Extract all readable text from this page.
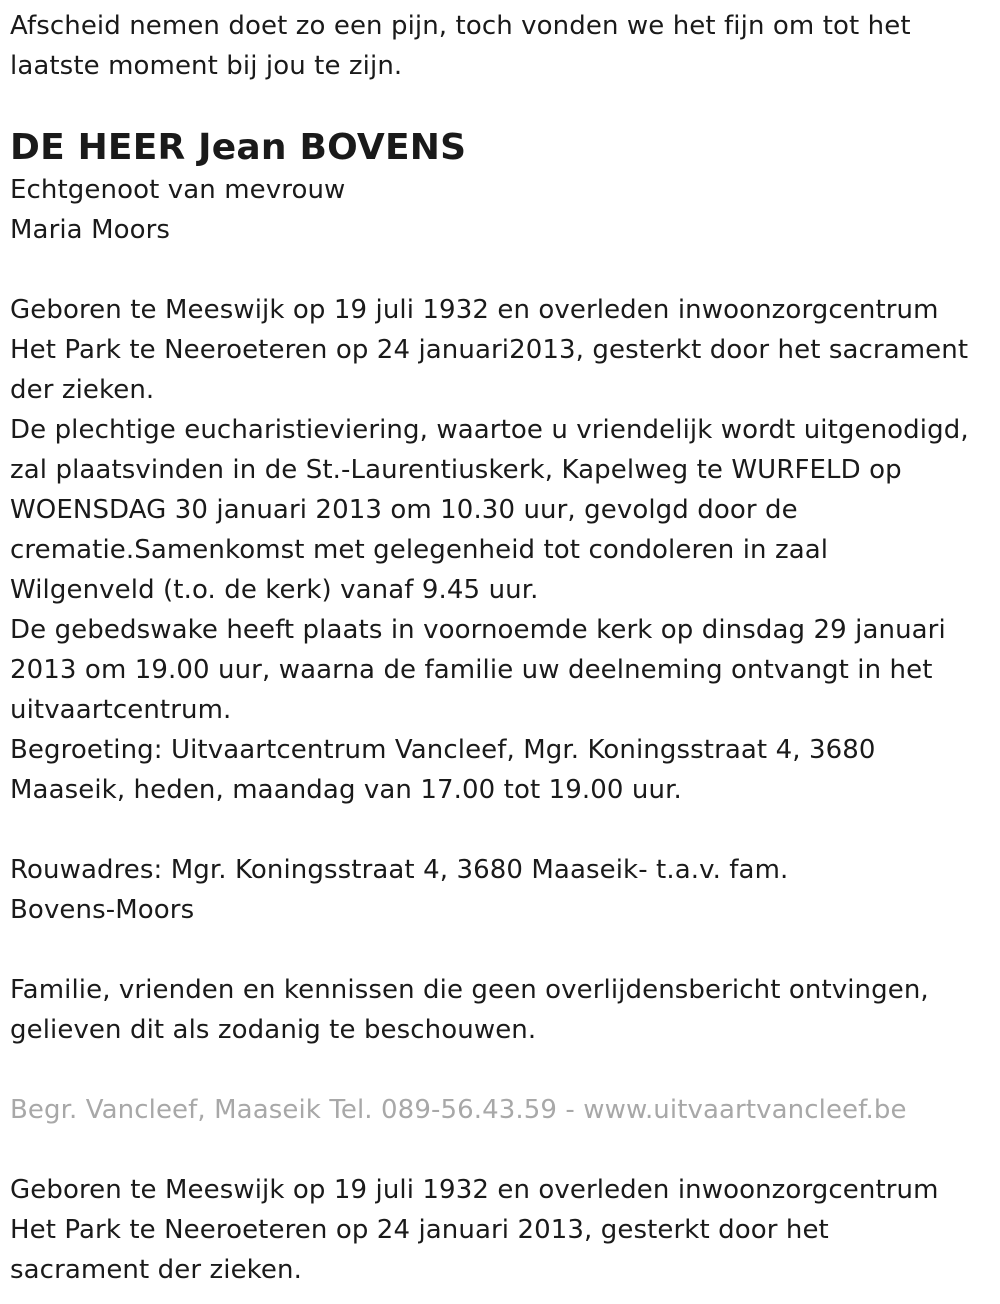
Afscheid nemen doet zo een pijn, toch vonden we het fijn om tot het
laatste moment bij jou te zijn.
DE HEER Jean BOVENS
Echtgenoot van mevrouw
Maria Moors
Geboren te Meeswijk op 19 juli 1932 en overleden inwoonzorgcentrum
Het Park te Neeroeteren op 24 januari2013, gesterkt door het sacrament
der zieken.
De plechtige eucharistieviering, waartoe u vriendelijk wordt uitgenodigd,
zal plaatsvinden in de St.-Laurentiuskerk, Kapelweg te WURFELD op
WOENSDAG 30 januari 2013 om 10.30 uur, gevolgd door de
crematie.Samenkomst met gelegenheid tot condoleren in zaal
Wilgenveld (t.o. de kerk) vanaf 9.45 uur.
De gebedswake heeft plaats in voornoemde kerk op dinsdag 29 januari
2013 om 19.00 uur, waarna de familie uw deelneming ontvangt in het
uitvaartcentrum.
Begroeting: Uitvaartcentrum Vancleef, Mgr. Koningsstraat 4, 3680
Maaseik, heden, maandag van 17.00 tot 19.00 uur.
Rouwadres: Mgr. Koningsstraat 4, 3680 Maaseik- t.a.v. fam.
Bovens-Moors
Familie, vrienden en kennissen die geen overlijdensbericht ontvingen,
gelieven dit als zodanig te beschouwen.
Begr. Vancleef, Maaseik Tel. 089-56.43.59 - www.uitvaartvancleef.be
Geboren te Meeswijk op 19 juli 1932 en overleden inwoonzorgcentrum
Het Park te Neeroeteren op 24 januari 2013, gesterkt door het
sacrament der zieken.
